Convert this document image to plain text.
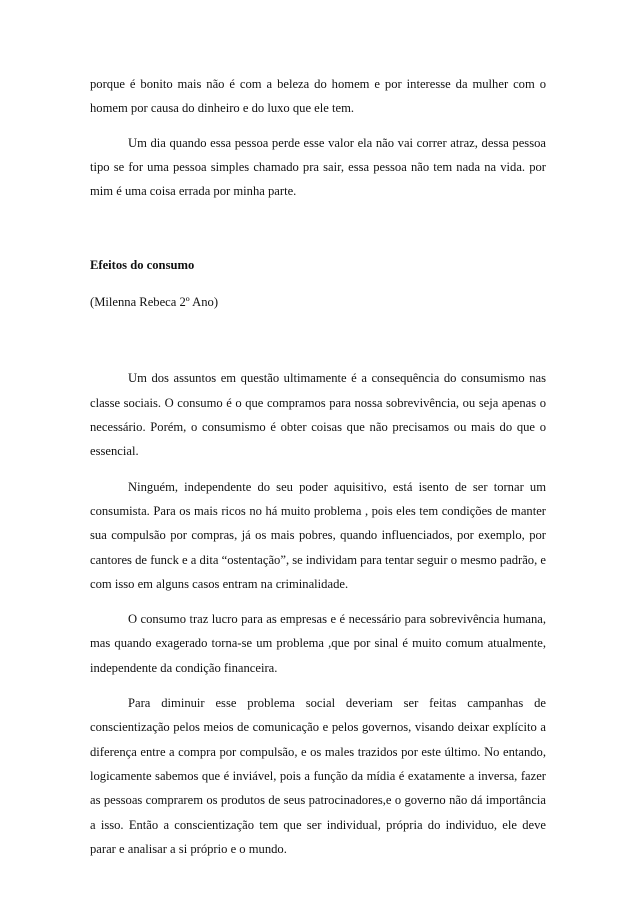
porque é bonito mais não é com a beleza do homem e por interesse da mulher com o homem por causa do dinheiro e do luxo que ele tem.

Um dia quando essa pessoa perde esse valor ela não vai correr atraz, dessa pessoa tipo se for uma pessoa simples chamado pra sair, essa pessoa não tem nada na vida. por mim é uma coisa errada por minha parte.

Efeitos do consumo

(Milenna Rebeca 2º Ano)

Um dos assuntos em questão ultimamente é a consequência do consumismo nas classe sociais. O consumo é o que compramos para nossa sobrevivência, ou seja apenas o necessário. Porém, o consumismo é obter coisas que não precisamos ou mais do que o essencial.

Ninguém, independente do seu poder aquisitivo, está isento de ser tornar um consumista. Para os mais ricos no há muito problema , pois eles tem condições de manter sua compulsão por compras, já os mais pobres, quando influenciados, por exemplo, por cantores de funck e a dita “ostentação”, se individam para tentar seguir o mesmo padrão, e com isso em alguns casos entram na criminalidade.

O consumo traz lucro para as empresas e é necessário para sobrevivência humana, mas quando exagerado torna-se um problema ,que por sinal é muito comum atualmente, independente da condição financeira.

Para diminuir esse problema social deveriam ser feitas campanhas de conscientização pelos meios de comunicação e pelos governos, visando deixar explícito a diferença entre a compra por compulsão, e os males trazidos por este último. No entando, logicamente sabemos que é inviável, pois a função da mídia é exatamente a inversa, fazer as pessoas comprarem os produtos de seus patrocinadores,e o governo não dá importância a isso. Então a conscientização tem que ser individual, própria do individuo, ele deve parar e analisar a si próprio e o mundo.
